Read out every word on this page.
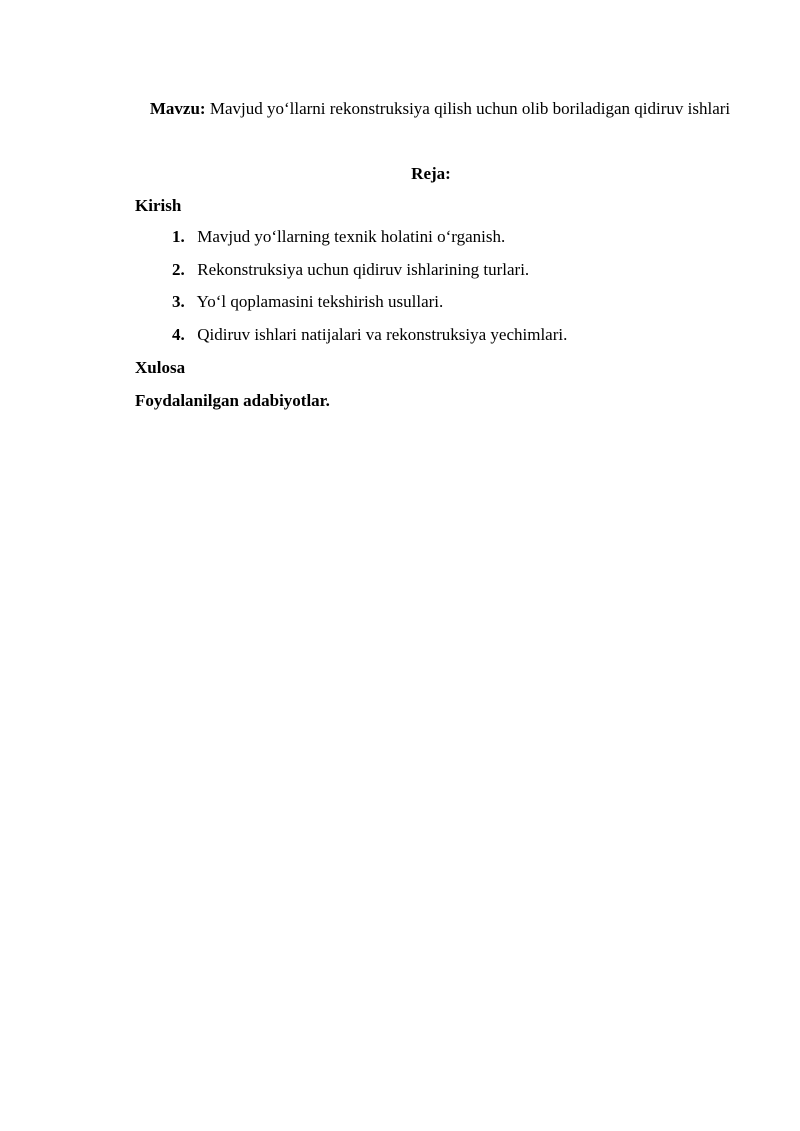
Mavzu: Mavjud yo‘llarni rekonstruksiya qilish uchun olib boriladigan qidiruv ishlari
Reja:
Kirish
1. Mavjud yo‘llarning texnik holatini o‘rganish.
2. Rekonstruksiya uchun qidiruv ishlarining turlari.
3. Yo‘l qoplamasini tekshirish usullari.
4. Qidiruv ishlari natijalari va rekonstruksiya yechimlari.
Xulosa
Foydalanilgan adabiyotlar.
